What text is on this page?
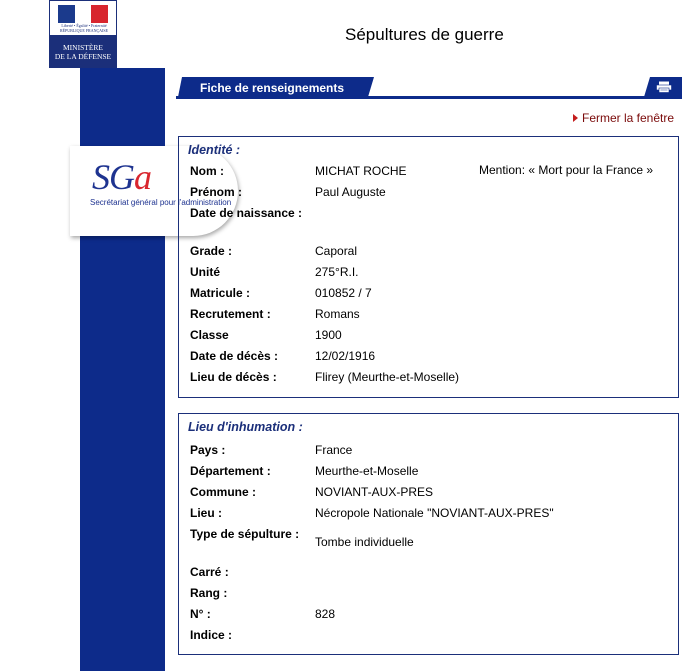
Liberté • Égalité • Fraternité
RÉPUBLIQUE FRANÇAISE
MINISTÈRE
DE LA DÉFENSE
Sépultures de guerre
SGa
Secrétariat général pour l'administration
Fiche de renseignements
Fermer la fenêtre
Identité :
Mention: « Mort pour la France »
Nom :	MICHAT ROCHE
Prénom :	Paul Auguste
Date de naissance :
Grade :	Caporal
Unité	275°R.I.
Matricule :	010852 / 7
Recrutement :	Romans
Classe	1900
Date de décès :	12/02/1916
Lieu de décès :	Flirey (Meurthe-et-Moselle)
Lieu d'inhumation :
Pays :	France
Département :	Meurthe-et-Moselle
Commune :	NOVIANT-AUX-PRES
Lieu :	Nécropole Nationale "NOVIANT-AUX-PRES"
Type de sépulture :
Tombe individuelle
Carré :
Rang :
N° :	828
Indice :
